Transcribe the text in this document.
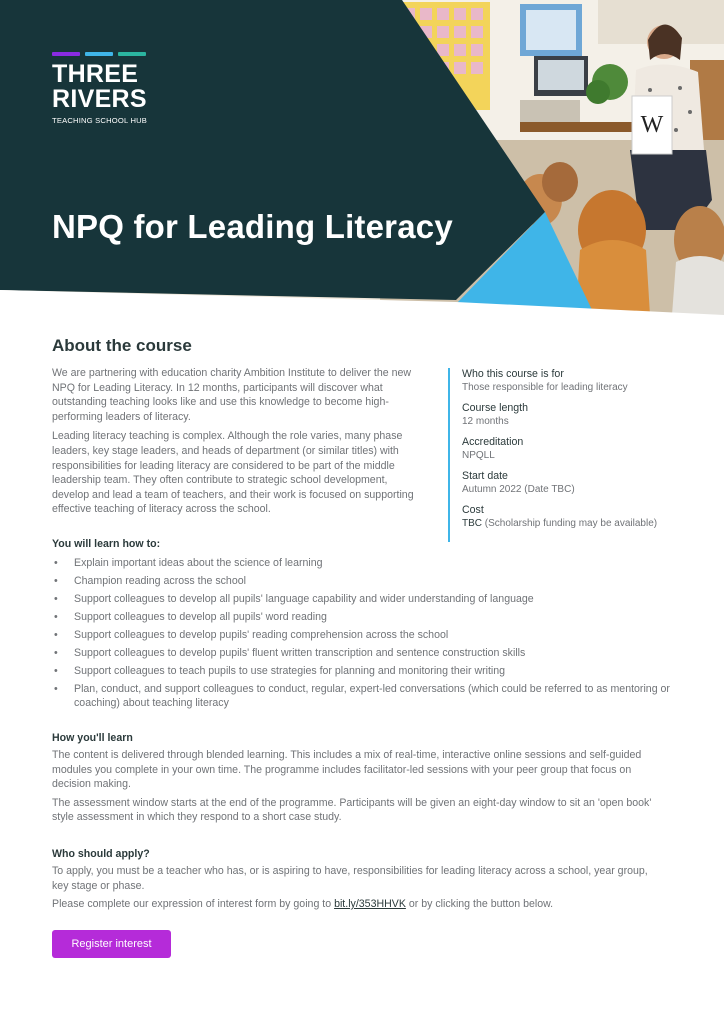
W
THREE
RIVERS
TEACHING SCHOOL HUB
NPQ for Leading Literacy
About the course

We are partnering with education charity Ambition Institute to deliver the new NPQ for Leading Literacy. In 12 months, participants will discover what outstanding teaching looks like and use this knowledge to become high-performing leaders of literacy.

Leading literacy teaching is complex. Although the role varies, many phase leaders, key stage leaders, and heads of department (or similar titles) with responsibilities for leading literacy are considered to be part of the middle leadership team. They often contribute to strategic school development, develop and lead a team of teachers, and their work is focused on supporting effective teaching of literacy across the school.

Who this course is for
Those responsible for leading literacy
Course length
12 months
Accreditation
NPQLL
Start date
Autumn 2022 (Date TBC)
Cost
TBC (Scholarship funding may be available)
You will learn how to:
• Explain important ideas about the science of learning
• Champion reading across the school
• Support colleagues to develop all pupils' language capability and wider understanding of language
• Support colleagues to develop all pupils' word reading
• Support colleagues to develop pupils' reading comprehension across the school
• Support colleagues to develop pupils' fluent written transcription and sentence construction skills
• Support colleagues to teach pupils to use strategies for planning and monitoring their writing
• Plan, conduct, and support colleagues to conduct, regular, expert-led conversations (which could be referred to as mentoring or coaching) about teaching literacy
How you'll learn

The content is delivered through blended learning. This includes a mix of real-time, interactive online sessions and self-guided modules you complete in your own time. The programme includes facilitator-led sessions with your peer group that focus on decision making.

The assessment window starts at the end of the programme. Participants will be given an eight-day window to sit an 'open book' style assessment in which they respond to a short case study.

Who should apply?

To apply, you must be a teacher who has, or is aspiring to have, responsibilities for leading literacy across a school, year group, key stage or phase.

Please complete our expression of interest form by going to bit.ly/353HHVK or by clicking the button below.

Register interest
